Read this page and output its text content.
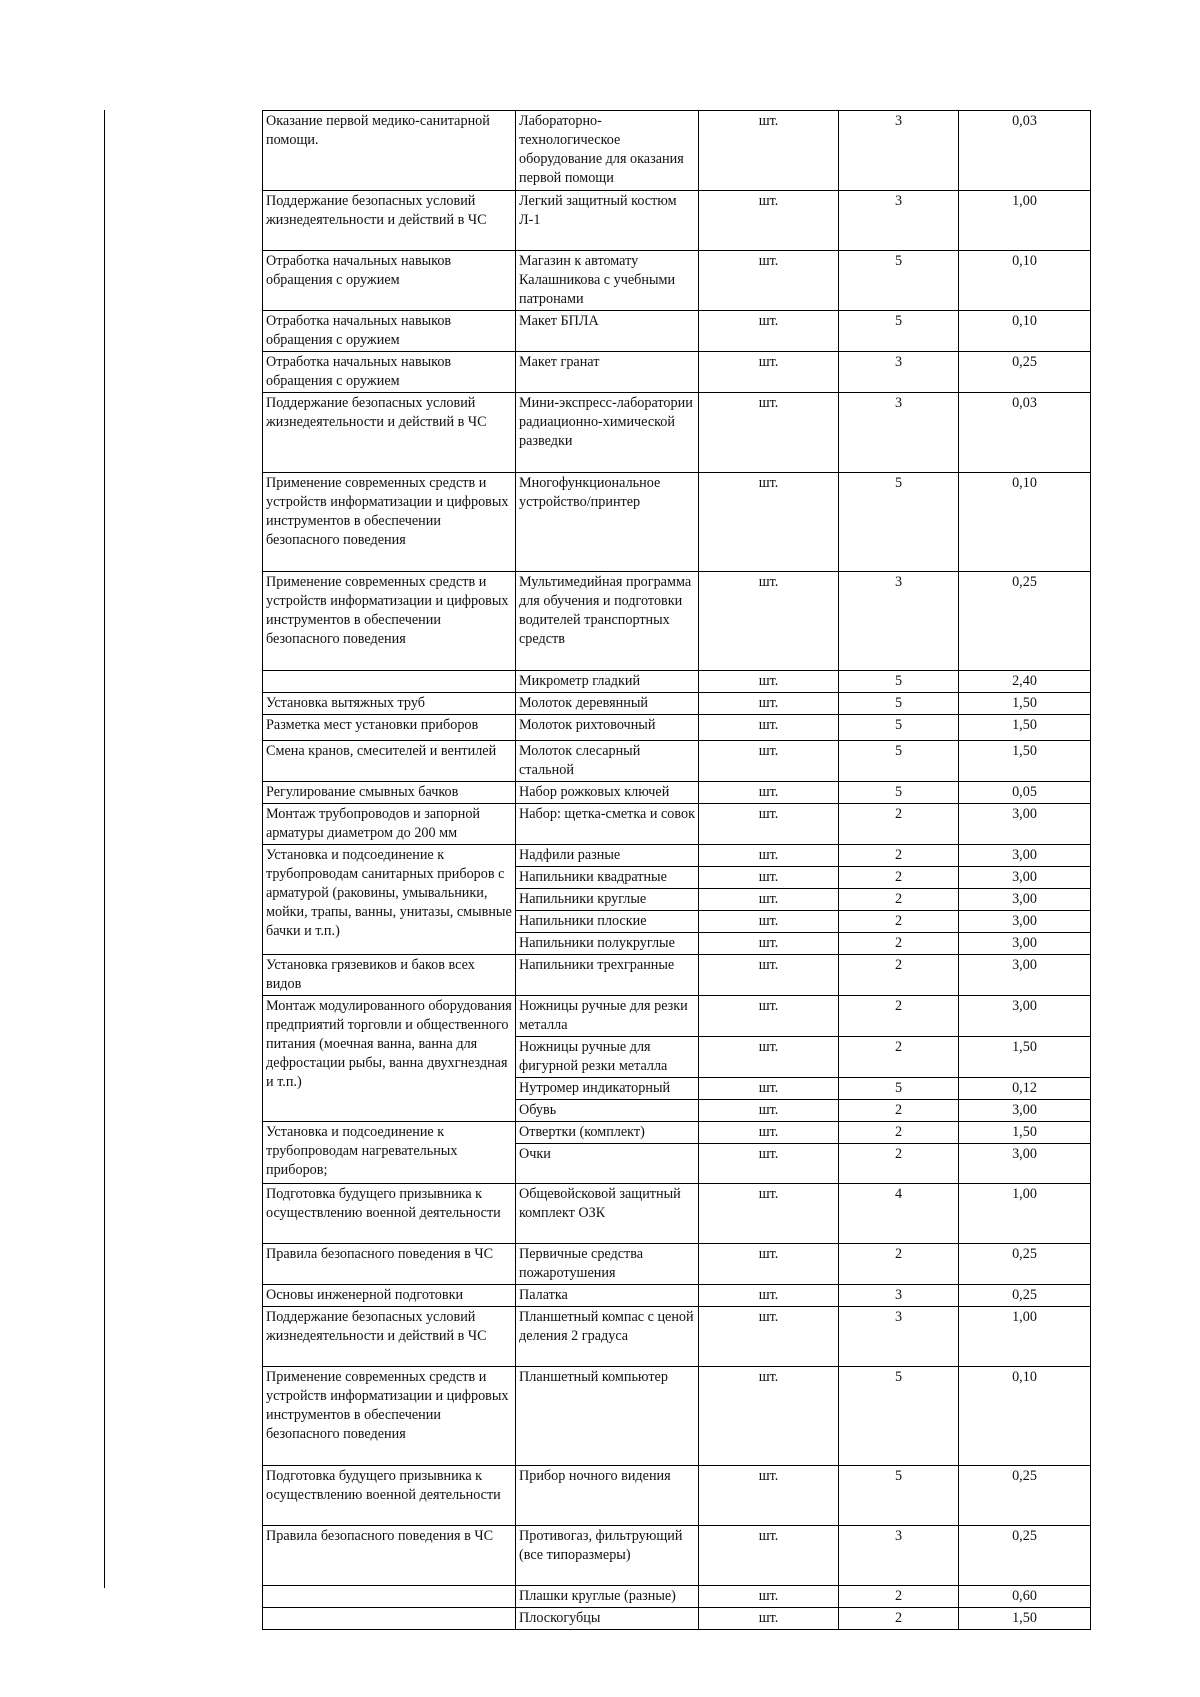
Оказание первой медико-санитарной помощи.	Лабораторно-технологическое оборудование для оказания первой помощи	шт.	3	0,03
Поддержание безопасных условий жизнедеятельности и действий в ЧС	Легкий защитный костюм Л-1	шт.	3	1,00
Отработка начальных навыков обращения с оружием	Магазин к автомату Калашникова с учебными патронами	шт.	5	0,10
Отработка начальных навыков обращения с оружием	Макет БПЛА	шт.	5	0,10
Отработка начальных навыков обращения с оружием	Макет гранат	шт.	3	0,25
Поддержание безопасных условий жизнедеятельности и действий в ЧС	Мини-экспресс-лаборатории радиационно-химической разведки	шт.	3	0,03
Применение современных средств и устройств информатизации и цифровых инструментов в обеспечении безопасного поведения	Многофункциональное устройство/принтер	шт.	5	0,10
Применение современных средств и устройств информатизации и цифровых инструментов в обеспечении безопасного поведения	Мультимедийная программа для обучения и подготовки водителей транспортных средств	шт.	3	0,25
	Микрометр гладкий	шт.	5	2,40
Установка вытяжных труб	Молоток деревянный	шт.	5	1,50
Разметка мест установки приборов	Молоток рихтовочный	шт.	5	1,50
Смена кранов, смесителей и вентилей	Молоток слесарный стальной	шт.	5	1,50
Регулирование смывных бачков	Набор рожковых ключей	шт.	5	0,05
Монтаж трубопроводов и запорной арматуры диаметром до 200 мм	Набор: щетка-сметка и совок	шт.	2	3,00
Установка и подсоединение к трубопроводам санитарных приборов с арматурой (раковины, умывальники, мойки, трапы, ванны, унитазы, смывные бачки и т.п.)	Надфили разные	шт.	2	3,00
	Напильники квадратные	шт.	2	3,00
	Напильники круглые	шт.	2	3,00
	Напильники плоские	шт.	2	3,00
	Напильники полукруглые	шт.	2	3,00
Установка грязевиков и баков всех видов	Напильники трехгранные	шт.	2	3,00
Монтаж модулированного оборудования предприятий торговли и общественного питания (моечная ванна, ванна для дефростации рыбы, ванна двухгнездная и т.п.)	Ножницы ручные для резки металла	шт.	2	3,00
	Ножницы ручные для фигурной резки металла	шт.	2	1,50
	Нутромер индикаторный	шт.	5	0,12
	Обувь	шт.	2	3,00
Установка и подсоединение к трубопроводам нагревательных приборов;	Отвертки (комплект)	шт.	2	1,50
	Очки	шт.	2	3,00
Подготовка будущего призывника к осуществлению военной деятельности	Общевойсковой защитный комплект ОЗК	шт.	4	1,00
Правила безопасного поведения в ЧС	Первичные средства пожаротушения	шт.	2	0,25
Основы инженерной подготовки	Палатка	шт.	3	0,25
Поддержание безопасных условий жизнедеятельности и действий в ЧС	Планшетный компас с ценой деления 2 градуса	шт.	3	1,00
Применение современных средств и устройств информатизации и цифровых инструментов в обеспечении безопасного поведения	Планшетный компьютер	шт.	5	0,10
Подготовка будущего призывника к осуществлению военной деятельности	Прибор ночного видения	шт.	5	0,25
Правила безопасного поведения в ЧС	Противогаз, фильтрующий (все типоразмеры)	шт.	3	0,25
	Плашки круглые (разные)	шт.	2	0,60
	Плоскогубцы	шт.	2	1,50
